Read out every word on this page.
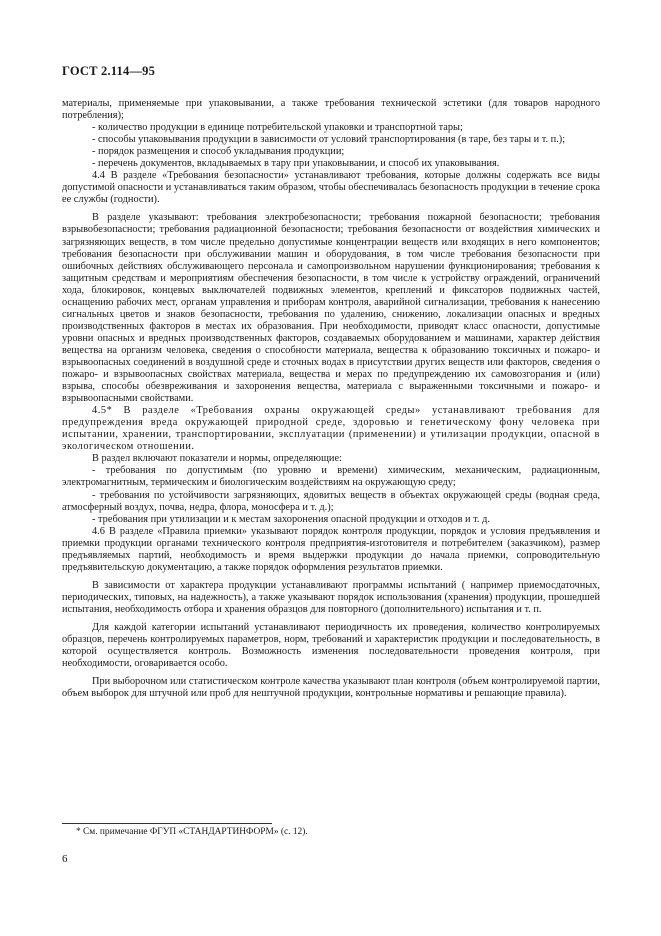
ГОСТ 2.114—95

материалы, применяемые при упаковывании, а также требования технической эстетики (для товаров народного потребления);

- количество продукции в единице потребительской упаковки и транспортной тары;

- способы упаковывания продукции в зависимости от условий транспортирования (в таре, без тары и т. п.);

- порядок размещения и способ укладывания продукции;

- перечень документов, вкладываемых в тару при упаковывании, и способ их упаковывания.

4.4 В разделе «Требования безопасности» устанавливают требования, которые должны содержать все виды допустимой опасности и устанавливаться таким образом, чтобы обеспечивалась безопасность продукции в течение срока ее службы (годности).

В разделе указывают: требования электробезопасности; требования пожарной безопасности; требования взрывобезопасности; требования радиационной безопасности; требования безопасности от воздействия химических и загрязняющих веществ, в том числе предельно допустимые концентрации веществ или входящих в него компонентов; требования безопасности при обслуживании машин и оборудования, в том числе требования безопасности при ошибочных действиях обслуживающего персонала и самопроизвольном нарушении функционирования; требования к защитным средствам и мероприятиям обеспечения безопасности, в том числе к устройству ограждений, ограничений хода, блокировок, концевых выключателей подвижных элементов, креплений и фиксаторов подвижных частей, оснащению рабочих мест, органам управления и приборам контроля, аварийной сигнализации, требования к нанесению сигнальных цветов и знаков безопасности, требования по удалению, снижению, локализации опасных и вредных производственных факторов в местах их образования. При необходимости, приводят класс опасности, допустимые уровни опасных и вредных производственных факторов, создаваемых оборудованием и машинами, характер действия вещества на организм человека, сведения о способности материала, вещества к образованию токсичных и пожаро- и взрывоопасных соединений в воздушной среде и сточных водах в присутствии других веществ или факторов, сведения о пожаро- и взрывоопасных свойствах материала, вещества и мерах по предупреждению их самовозгорания и (или) взрыва, способы обезвреживания и захоронения вещества, материала с выраженными токсичными и пожаро- и взрывоопасными свойствами.

4.5* В разделе «Требования охраны окружающей среды» устанавливают требования для предупреждения вреда окружающей природной среде, здоровью и генетическому фону человека при испытании, хранении, транспортировании, эксплуатации (применении) и утилизации продукции, опасной в экологическом отношении.

В раздел включают показатели и нормы, определяющие:

- требования по допустимым (по уровню и времени) химическим, механическим, радиационным, электромагнитным, термическим и биологическим воздействиям на окружающую среду;

- требования по устойчивости загрязняющих, ядовитых веществ в объектах окружающей среды (водная среда, атмосферный воздух, почва, недра, флора, моносфера и т. д.);

- требования при утилизации и к местам захоронения опасной продукции и отходов и т. д.

4.6 В разделе «Правила приемки» указывают порядок контроля продукции, порядок и условия предъявления и приемки продукции органами технического контроля предприятия-изготовителя и потребителем (заказчиком), размер предъявляемых партий, необходимость и время выдержки продукции до начала приемки, сопроводительную предъявительскую документацию, а также порядок оформления результатов приемки.

В зависимости от характера продукции устанавливают программы испытаний ( например приемосдаточных, периодических, типовых, на надежность), а также указывают порядок использования (хранения) продукции, прошедшей испытания, необходимость отбора и хранения образцов для повторного (дополнительного) испытания и т. п.

Для каждой категории испытаний устанавливают периодичность их проведения, количество контролируемых образцов, перечень контролируемых параметров, норм, требований и характеристик продукции и последовательность, в которой осуществляется контроль. Возможность изменения последовательности проведения контроля, при необходимости, оговаривается особо.

При выборочном или статистическом контроле качества указывают план контроля (объем контролируемой партии, объем выборок для штучной или проб для нештучной продукции, контрольные нормативы и решающие правила).

* См. примечание ФГУП «СТАНДАРТИНФОРМ» (с. 12).
6
